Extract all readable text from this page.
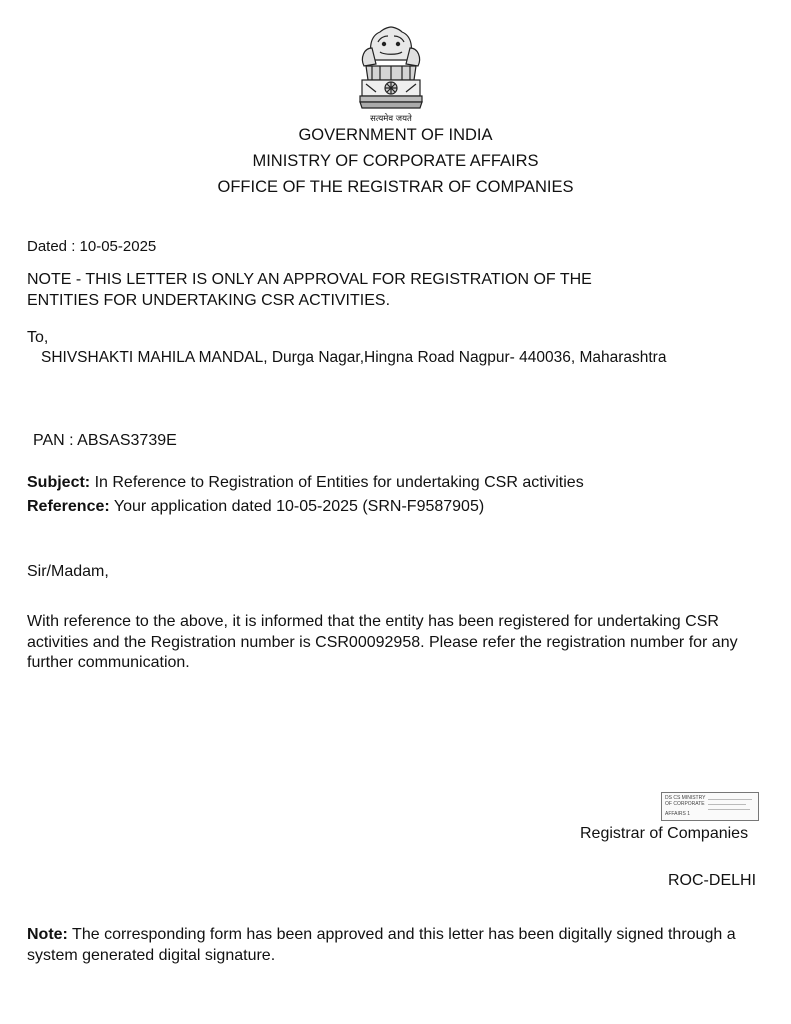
सत्यमेव जयते
GOVERNMENT OF INDIA
MINISTRY OF CORPORATE AFFAIRS
OFFICE OF THE REGISTRAR OF COMPANIES
Dated : 10-05-2025
NOTE - THIS LETTER IS ONLY AN APPROVAL FOR REGISTRATION OF THE
ENTITIES FOR UNDERTAKING CSR ACTIVITIES.
To,
SHIVSHAKTI MAHILA MANDAL, Durga Nagar,Hingna Road Nagpur- 440036, Maharashtra
PAN : ABSAS3739E
Subject: In Reference to Registration of Entities for undertaking CSR activities
Reference: Your application dated 10-05-2025 (SRN-F9587905)
Sir/Madam,
With reference to the above, it is informed that the entity has been registered for undertaking CSR activities and the Registration number is CSR00092958. Please refer the registration number for any further communication.
DS CS MINISTRY
OF CORPORATE
AFFAIRS 1
Registrar of Companies
ROC-DELHI
Note: The corresponding form has been approved and this letter has been digitally signed through a system generated digital signature.
